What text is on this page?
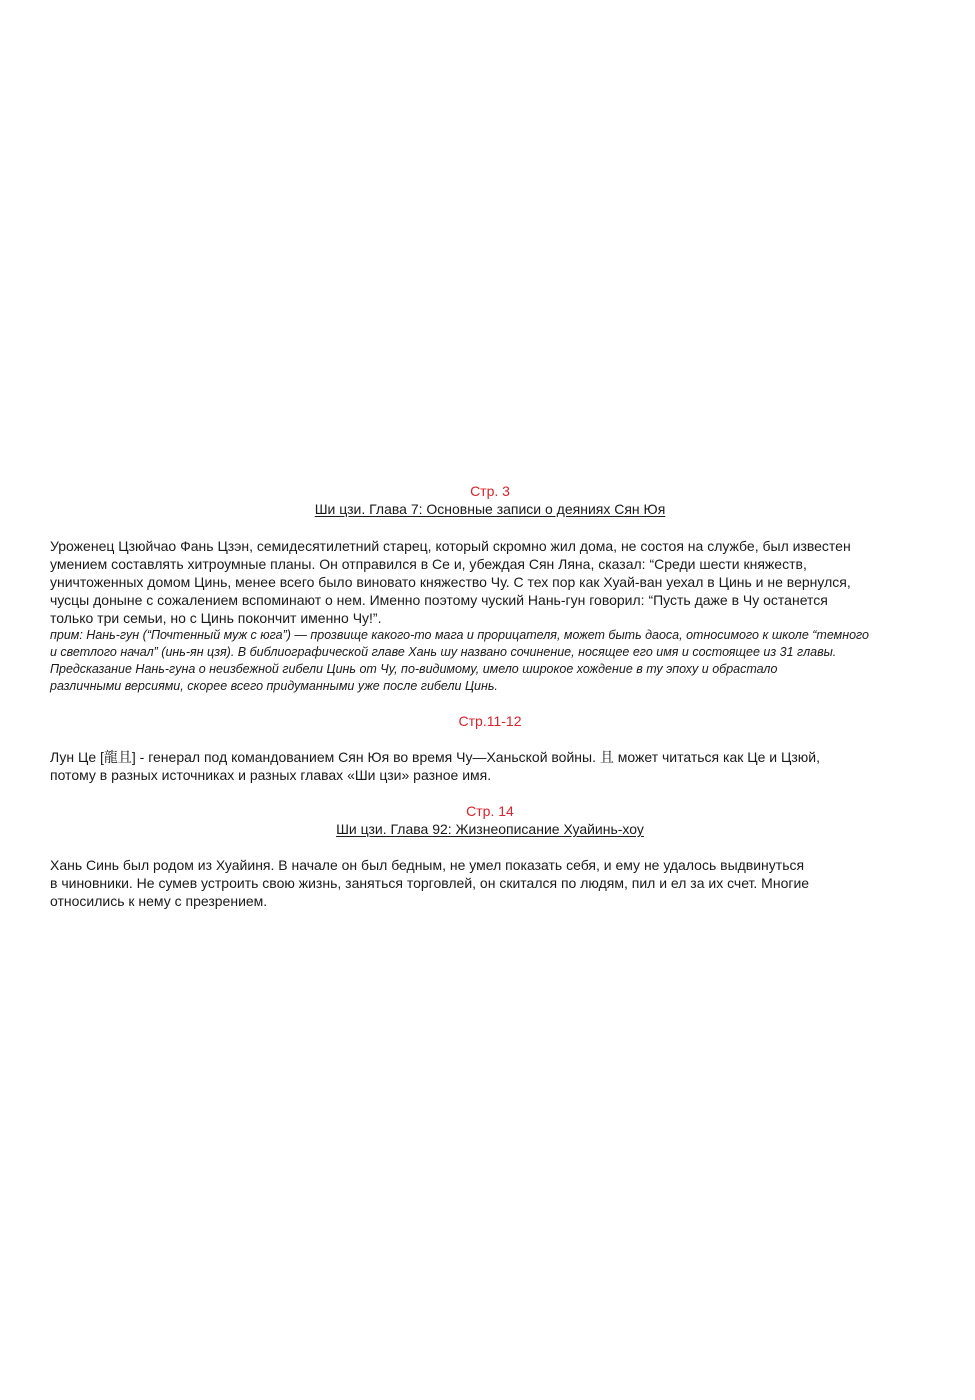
Стр. 3

Ши цзи. Глава 7: Основные записи о деяниях Сян Юя

Уроженец Цзюйчао Фань Цзэн, семидесятилетний старец, который скромно жил дома, не состоя на службе, был известен
умением составлять хитроумные планы. Он отправился в Се и, убеждая Сян Ляна, сказал: “Среди шести княжеств,
уничтоженных домом Цинь, менее всего было виновато княжество Чу. С тех пор как Хуай-ван уехал в Цинь и не вернулся,
чусцы доныне с сожалением вспоминают о нем. Именно поэтому чуский Нань-гун говорил: “Пусть даже в Чу останется
только три семьи, но с Цинь покончит именно Чу!”.

прим: Нань-гун (“Почтенный муж с юга”) — прозвище какого-то мага и прорицателя, может быть даоса, относимого к школе “темного
и светлого начал” (инь-ян цзя). В библиографической главе Хань шу названо сочинение, носящее его имя и состоящее из 31 главы.
Предсказание Нань-гуна о неизбежной гибели Цинь от Чу, по-видимому, имело широкое хождение в ту эпоху и обрастало
различными версиями, скорее всего придуманными уже после гибели Цинь.

Стр.11-12

Лун Це [龍且] - генерал под командованием Сян Юя во время Чу—Ханьской войны. 且 может читаться как Це и Цзюй,
потому в разных источниках и разных главах «Ши цзи» разное имя.

Стр. 14

Ши цзи. Глава 92: Жизнеописание Хуайинь-хоу

Хань Синь был родом из Хуайиня. В начале он был бедным, не умел показать себя, и ему не удалось выдвинуться
в чиновники. Не сумев устроить свою жизнь, заняться торговлей, он скитался по людям, пил и ел за их счет. Многие
относились к нему с презрением.
